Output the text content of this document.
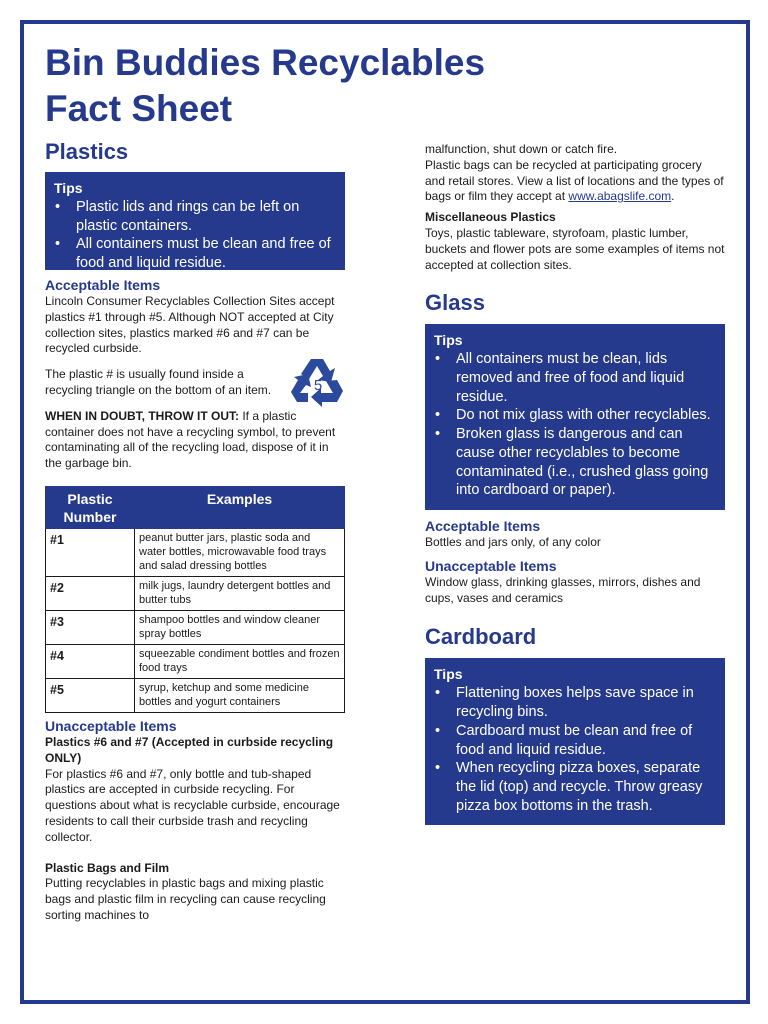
Bin Buddies Recyclables
Fact Sheet
Plastics
Tips
• Plastic lids and rings can be left on plastic containers.
• All containers must be clean and free of food and liquid residue.
Acceptable Items

Lincoln Consumer Recyclables Collection Sites accept plastics #1 through #5. Although NOT accepted at City collection sites, plastics marked #6 and #7 can be recycled curbside.

The plastic # is usually found inside a recycling triangle on the bottom of an item.	5

WHEN IN DOUBT, THROW IT OUT: If a plastic container does not have a recycling symbol, to prevent contaminating all of the recycling load, dispose of it in the garbage bin.

Plastic Number	Examples
#1	peanut butter jars, plastic soda and water bottles, microwavable food trays and salad dressing bottles
#2	milk jugs, laundry detergent bottles and butter tubs
#3	shampoo bottles and window cleaner spray bottles
#4	squeezable condiment bottles and frozen food trays
#5	syrup, ketchup and some medicine bottles and yogurt containers
Unacceptable Items
Plastics #6 and #7 (Accepted in curbside recycling ONLY)

For plastics #6 and #7, only bottle and tub-shaped plastics are accepted in curbside recycling. For questions about what is recyclable curbside, encourage residents to call their curbside trash and recycling collector.

Plastic Bags and Film

Putting recyclables in plastic bags and mixing plastic bags and plastic film in recycling can cause recycling sorting machines to

malfunction, shut down or catch fire.

Plastic bags can be recycled at participating grocery and retail stores. View a list of locations and the types of bags or film they accept at www.abagslife.com.

Miscellaneous Plastics

Toys, plastic tableware, styrofoam, plastic lumber, buckets and flower pots are some examples of items not accepted at collection sites.

Glass
Tips
• All containers must be clean, lids removed and free of food and liquid residue.
• Do not mix glass with other recyclables.
• Broken glass is dangerous and can cause other recyclables to become contaminated (i.e., crushed glass going into cardboard or paper).
Acceptable Items

Bottles and jars only, of any color

Unacceptable Items

Window glass, drinking glasses, mirrors, dishes and cups, vases and ceramics

Cardboard
Tips
• Flattening boxes helps save space in recycling bins.
• Cardboard must be clean and free of food and liquid residue.
• When recycling pizza boxes, separate the lid (top) and recycle. Throw greasy pizza box bottoms in the trash.
